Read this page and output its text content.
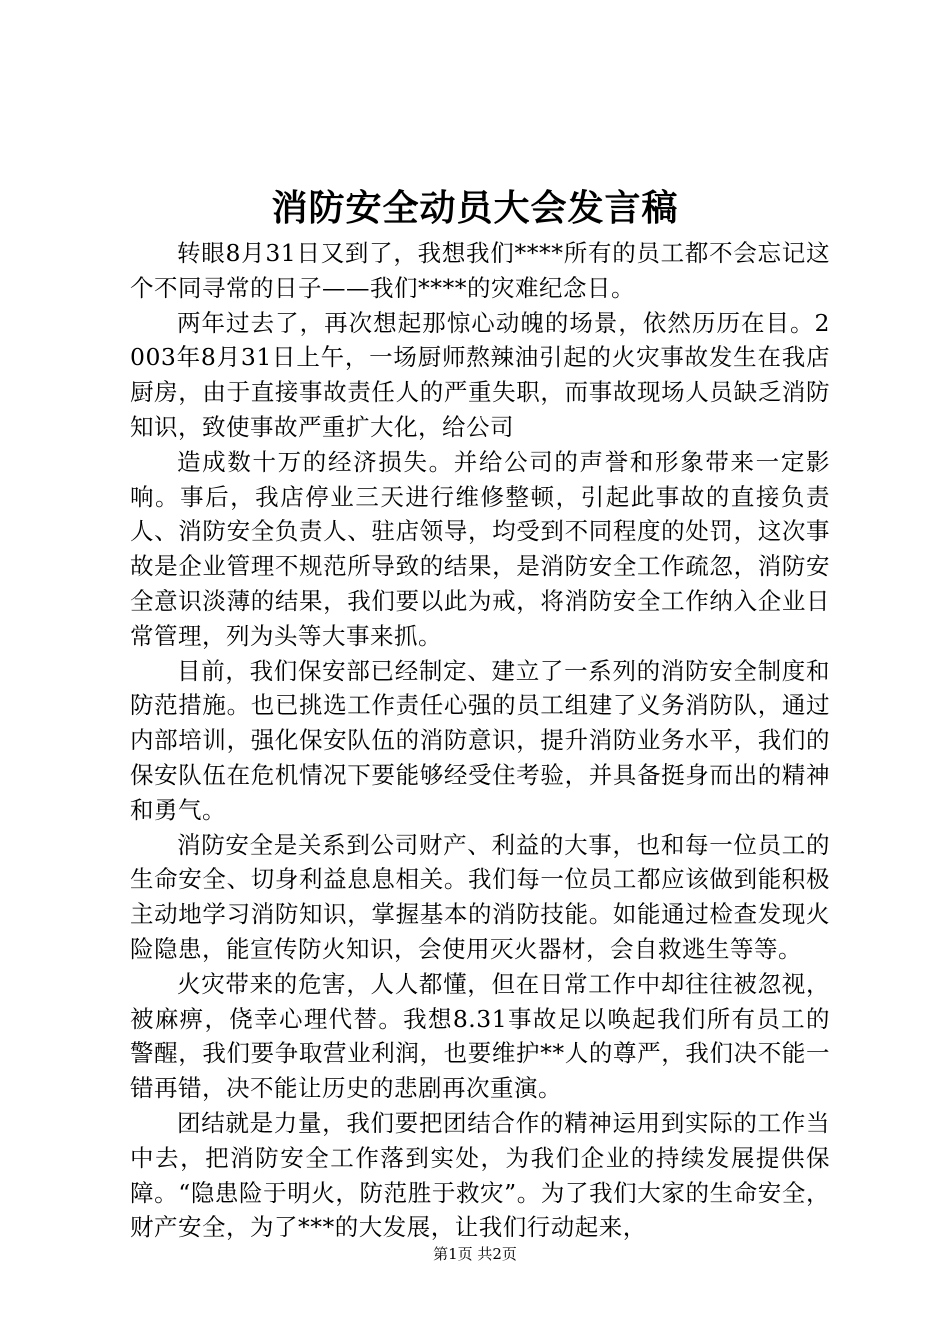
消防安全动员大会发言稿

转眼8月31日又到了，我想我们****所有的员工都不会忘记这个不同寻常的日子——我们****的灾难纪念日。

两年过去了，再次想起那惊心动魄的场景，依然历历在目。2003年8月31日上午，一场厨师熬辣油引起的火灾事故发生在我店厨房，由于直接事故责任人的严重失职，而事故现场人员缺乏消防知识，致使事故严重扩大化，给公司

造成数十万的经济损失。并给公司的声誉和形象带来一定影响。事后，我店停业三天进行维修整顿，引起此事故的直接负责人、消防安全负责人、驻店领导，均受到不同程度的处罚，这次事故是企业管理不规范所导致的结果，是消防安全工作疏忽，消防安全意识淡薄的结果，我们要以此为戒，将消防安全工作纳入企业日常管理，列为头等大事来抓。

目前，我们保安部已经制定、建立了一系列的消防安全制度和防范措施。也已挑选工作责任心强的员工组建了义务消防队，通过内部培训，强化保安队伍的消防意识，提升消防业务水平，我们的保安队伍在危机情况下要能够经受住考验，并具备挺身而出的精神和勇气。

消防安全是关系到公司财产、利益的大事，也和每一位员工的生命安全、切身利益息息相关。我们每一位员工都应该做到能积极主动地学习消防知识，掌握基本的消防技能。如能通过检查发现火险隐患，能宣传防火知识，会使用灭火器材，会自救逃生等等。

火灾带来的危害，人人都懂，但在日常工作中却往往被忽视，被麻痹，侥幸心理代替。我想8.31事故足以唤起我们所有员工的警醒，我们要争取营业利润，也要维护**人的尊严，我们决不能一错再错，决不能让历史的悲剧再次重演。

团结就是力量，我们要把团结合作的精神运用到实际的工作当中去，把消防安全工作落到实处，为我们企业的持续发展提供保障。“隐患险于明火，防范胜于救灾”。为了我们大家的生命安全，财产安全，为了***的大发展，让我们行动起来，

第1页 共2页
